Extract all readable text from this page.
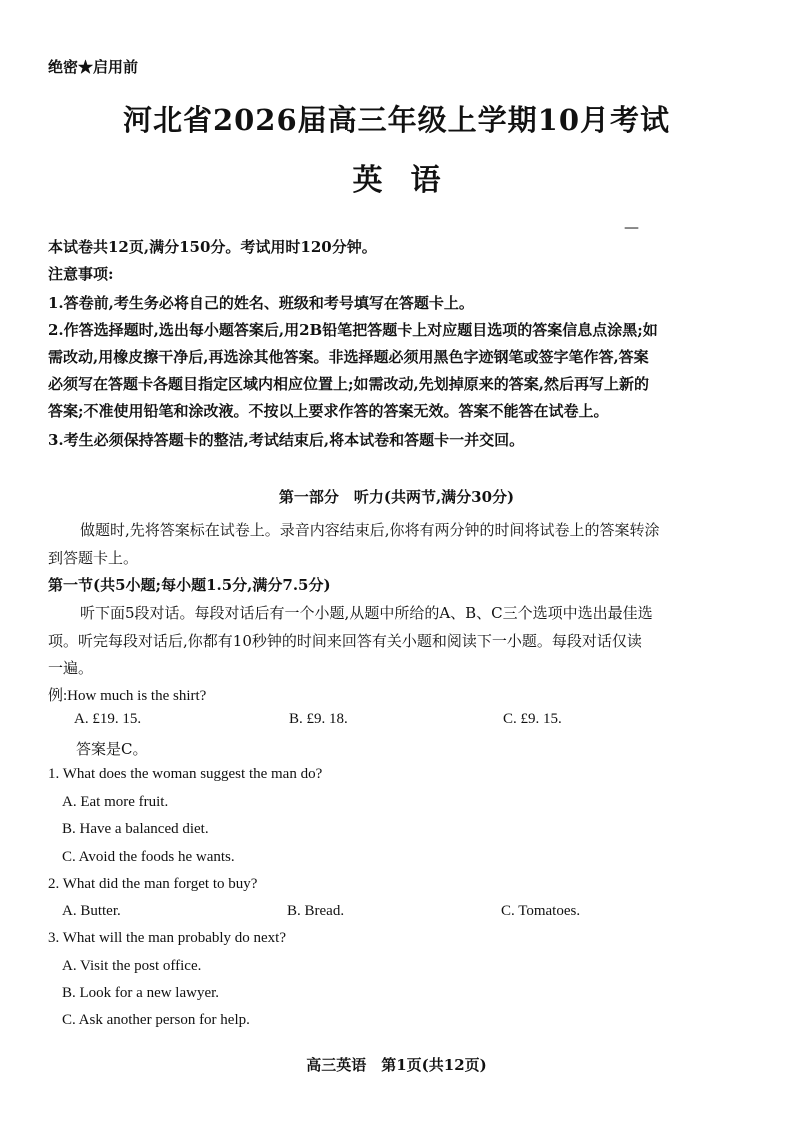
绝密★启用前
河北省2026届高三年级上学期10月考试
英语
—
本试卷共12页,满分150分。考试用时120分钟。
注意事项:
1.答卷前,考生务必将自己的姓名、班级和考号填写在答题卡上。
2.作答选择题时,选出每小题答案后,用2B铅笔把答题卡上对应题目选项的答案信息点涂黑;如
需改动,用橡皮擦干净后,再选涂其他答案。非选择题必须用黑色字迹钢笔或签字笔作答,答案
必须写在答题卡各题目指定区域内相应位置上;如需改动,先划掉原来的答案,然后再写上新的
答案;不准使用铅笔和涂改液。不按以上要求作答的答案无效。答案不能答在试卷上。
3.考生必须保持答题卡的整洁,考试结束后,将本试卷和答题卡一并交回。
第一部分　听力(共两节,满分30分)
做题时,先将答案标在试卷上。录音内容结束后,你将有两分钟的时间将试卷上的答案转涂
到答题卡上。
第一节(共5小题;每小题1.5分,满分7.5分)
听下面5段对话。每段对话后有一个小题,从题中所给的A、B、C三个选项中选出最佳选
项。听完每段对话后,你都有10秒钟的时间来回答有关小题和阅读下一小题。每段对话仅读
一遍。
例:How much is the shirt?
A. £19. 15.	B. £9. 18.	C. £9. 15.
答案是C。
1. What does the woman suggest the man do?
A. Eat more fruit.
B. Have a balanced diet.
C. Avoid the foods he wants.
2. What did the man forget to buy?
A. Butter.	B. Bread.	C. Tomatoes.
3. What will the man probably do next?
A. Visit the post office.
B. Look for a new lawyer.
C. Ask another person for help.
高三英语　第1页(共12页)
